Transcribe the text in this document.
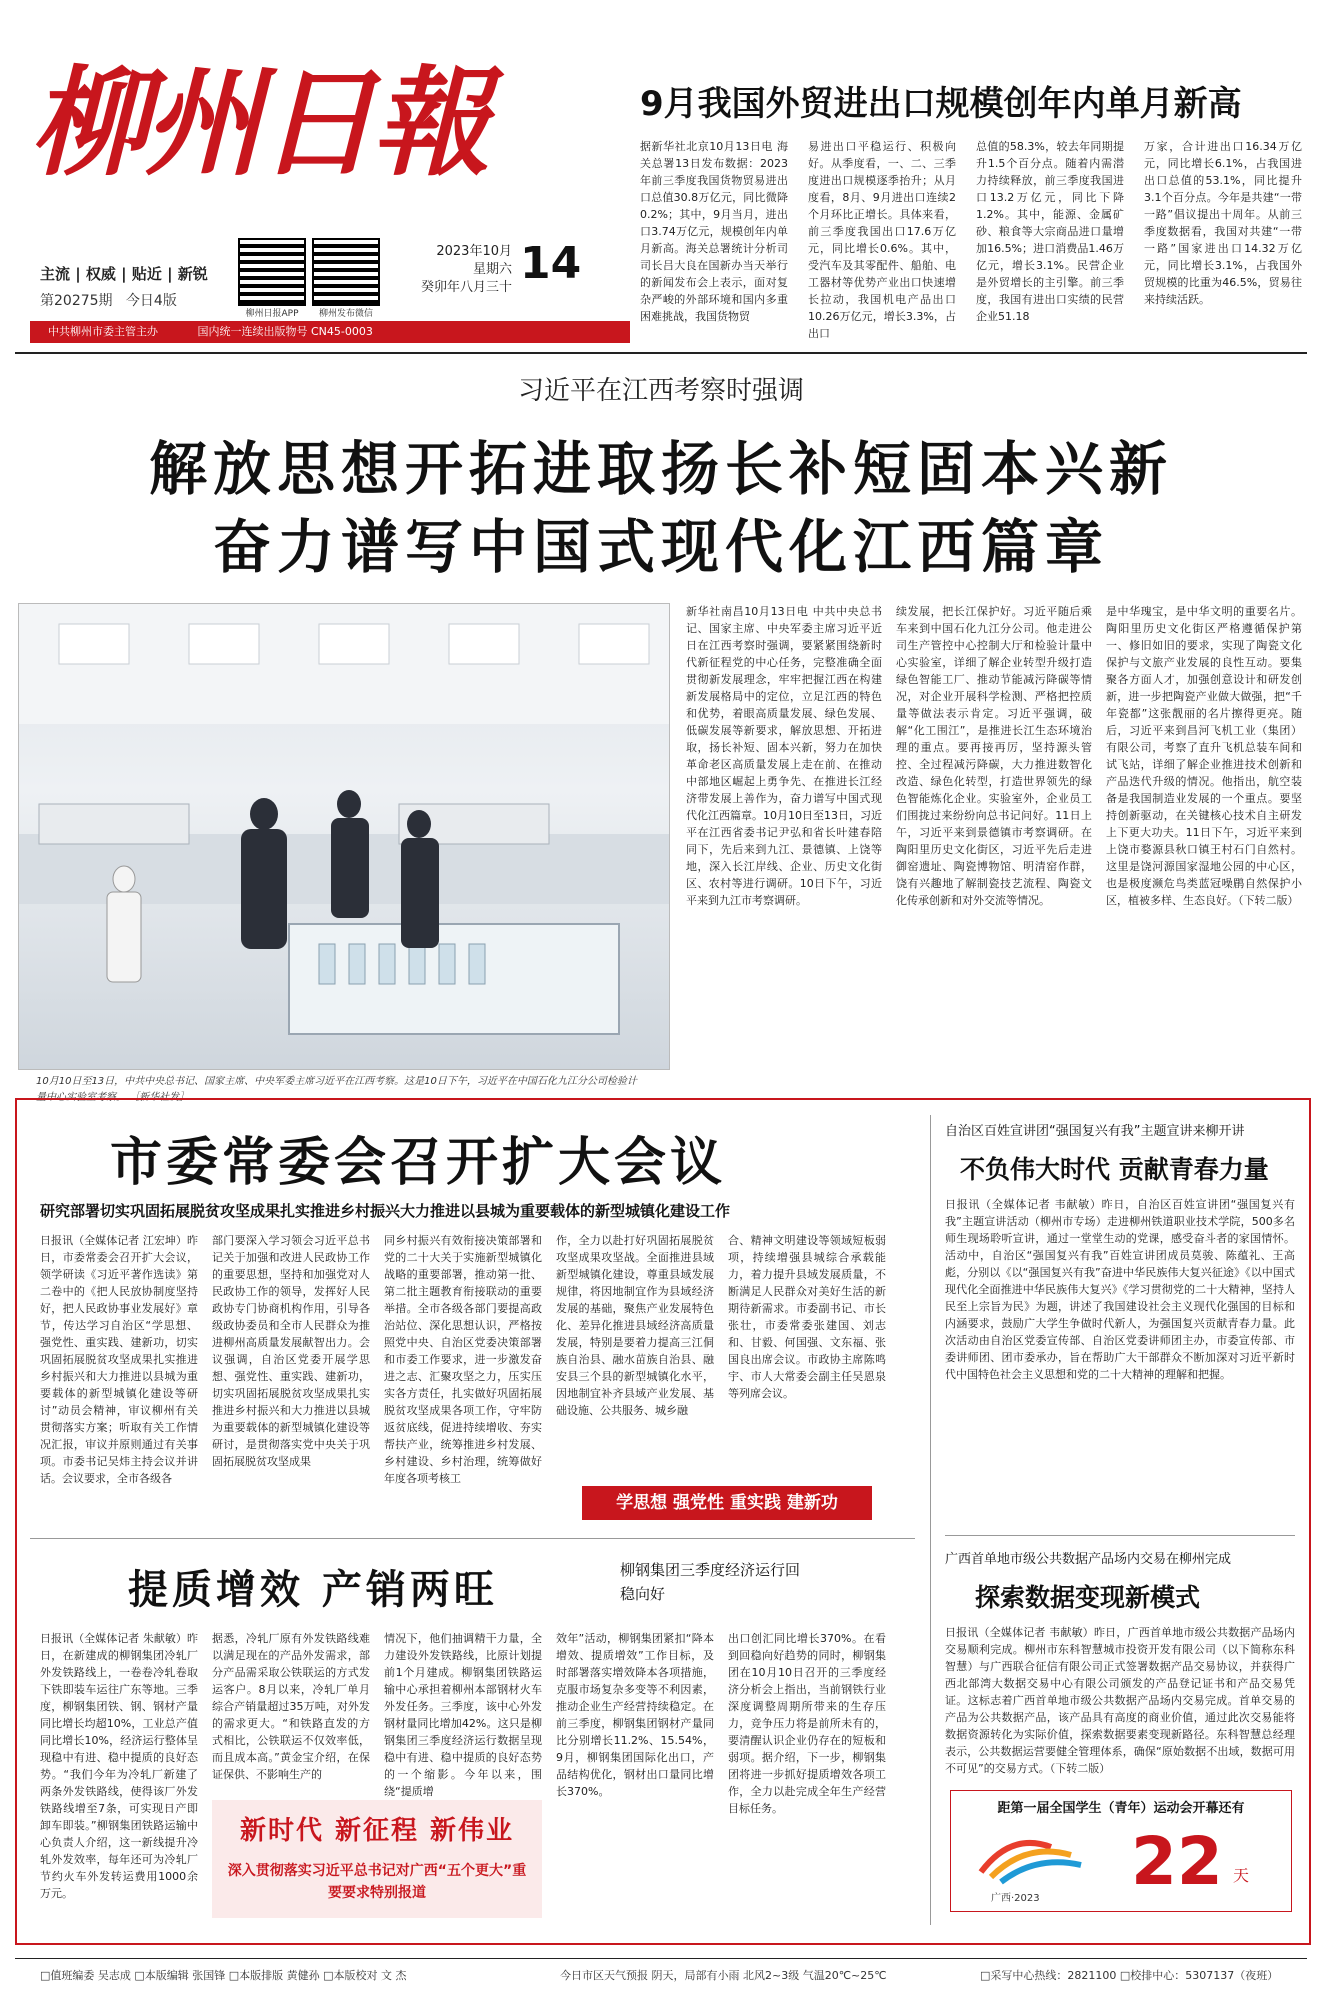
柳州日報
主流 | 权威 | 贴近 | 新锐
第20275期 今日4版
柳州日报APP	柳州发布微信
2023年10月
星期六
癸卯年八月三十 14
中共柳州市委主管主办	国内统一连续出版物号 CN45-0003
9月我国外贸进出口规模创年内单月新高
据新华社北京10月13日电 海关总署13日发布数据：2023年前三季度我国货物贸易进出口总值30.8万亿元，同比微降0.2%；其中，9月当月，进出口3.74万亿元，规模创年内单月新高。海关总署统计分析司司长吕大良在国新办当天举行的新闻发布会上表示，面对复杂严峻的外部环境和国内多重困难挑战，我国货物贸
易进出口平稳运行、积极向好。从季度看，一、二、三季度进出口规模逐季抬升；从月度看，8月、9月进出口连续2个月环比正增长。具体来看，前三季度我国出口17.6万亿元，同比增长0.6%。其中，受汽车及其零配件、船舶、电工器材等优势产业出口快速增长拉动，我国机电产品出口10.26万亿元，增长3.3%，占出口
总值的58.3%，较去年同期提升1.5个百分点。随着内需潜力持续释放，前三季度我国进口13.2万亿元，同比下降1.2%。其中，能源、金属矿砂、粮食等大宗商品进口量增加16.5%；进口消费品1.46万亿元，增长3.1%。民营企业是外贸增长的主引擎。前三季度，我国有进出口实绩的民营企业51.18
万家，合计进出口16.34万亿元，同比增长6.1%，占我国进出口总值的53.1%，同比提升3.1个百分点。今年是共建“一带一路”倡议提出十周年。从前三季度数据看，我国对共建“一带一路”国家进出口14.32万亿元，同比增长3.1%，占我国外贸规模的比重为46.5%，贸易往来持续活跃。
习近平在江西考察时强调
解放思想开拓进取扬长补短固本兴新
奋力谱写中国式现代化江西篇章
10月10日至13日，中共中央总书记、国家主席、中央军委主席习近平在江西考察。这是10日下午，习近平在中国石化九江分公司检验计量中心实验室考察。 ［新华社发］
新华社南昌10月13日电 中共中央总书记、国家主席、中央军委主席习近平近日在江西考察时强调，要紧紧围绕新时代新征程党的中心任务，完整准确全面贯彻新发展理念，牢牢把握江西在构建新发展格局中的定位，立足江西的特色和优势，着眼高质量发展、绿色发展、低碳发展等新要求，解放思想、开拓进取，扬长补短、固本兴新，努力在加快革命老区高质量发展上走在前、在推动中部地区崛起上勇争先、在推进长江经济带发展上善作为，奋力谱写中国式现代化江西篇章。10月10日至13日，习近平在江西省委书记尹弘和省长叶建春陪同下，先后来到九江、景德镇、上饶等地，深入长江岸线、企业、历史文化街区、农村等进行调研。10日下午，习近平来到九江市考察调研。
续发展，把长江保护好。习近平随后乘车来到中国石化九江分公司。他走进公司生产管控中心控制大厅和检验计量中心实验室，详细了解企业转型升级打造绿色智能工厂、推动节能减污降碳等情况，对企业开展科学检测、严格把控质量等做法表示肯定。习近平强调，破解“化工围江”，是推进长江生态环境治理的重点。要再接再厉，坚持源头管控、全过程减污降碳，大力推进数智化改造、绿色化转型，打造世界领先的绿色智能炼化企业。实验室外，企业员工们围拢过来纷纷向总书记问好。11日上午，习近平来到景德镇市考察调研。在陶阳里历史文化街区，习近平先后走进御窑遗址、陶瓷博物馆、明清窑作群，饶有兴趣地了解制瓷技艺流程、陶瓷文化传承创新和对外交流等情况。
是中华瑰宝，是中华文明的重要名片。陶阳里历史文化街区严格遵循保护第一、修旧如旧的要求，实现了陶瓷文化保护与文旅产业发展的良性互动。要集聚各方面人才，加强创意设计和研发创新，进一步把陶瓷产业做大做强，把“千年瓷都”这张靓丽的名片擦得更亮。随后，习近平来到昌河飞机工业（集团）有限公司，考察了直升飞机总装车间和试飞站，详细了解企业推进技术创新和产品迭代升级的情况。他指出，航空装备是我国制造业发展的一个重点。要坚持创新驱动，在关键核心技术自主研发上下更大功夫。11日下午，习近平来到上饶市婺源县秋口镇王村石门自然村。这里是饶河源国家湿地公园的中心区，也是极度濒危鸟类蓝冠噪鹛自然保护小区，植被多样、生态良好。（下转二版）
市委常委会召开扩大会议
研究部署切实巩固拓展脱贫攻坚成果扎实推进乡村振兴大力推进以县城为重要载体的新型城镇化建设工作
日报讯（全媒体记者 江宏坤）昨日，市委常委会召开扩大会议，领学研读《习近平著作选读》第二卷中的《把人民放协制度坚持好，把人民政协事业发展好》章节，传达学习自治区“学思想、强党性、重实践、建新功，切实巩固拓展脱贫攻坚成果扎实推进乡村振兴和大力推进以县城为重要载体的新型城镇化建设等研讨”动员会精神，审议柳州有关贯彻落实方案；听取有关工作情况汇报，审议并原则通过有关事项。市委书记吴炜主持会议并讲话。会议要求，全市各级各
部门要深入学习领会习近平总书记关于加强和改进人民政协工作的重要思想，坚持和加强党对人民政协工作的领导，发挥好人民政协专门协商机构作用，引导各级政协委员和全市人民群众为推进柳州高质量发展献智出力。会议强调，自治区党委开展学思想、强党性、重实践、建新功，切实巩固拓展脱贫攻坚成果扎实推进乡村振兴和大力推进以县城为重要载体的新型城镇化建设等研讨，是贯彻落实党中央关于巩固拓展脱贫攻坚成果
同乡村振兴有效衔接决策部署和党的二十大关于实施新型城镇化战略的重要部署，推动第一批、第二批主题教育衔接联动的重要举措。全市各级各部门要提高政治站位、深化思想认识，严格按照党中央、自治区党委决策部署和市委工作要求，进一步激发奋进之志、汇聚攻坚之力，压实压实各方责任，扎实做好巩固拓展脱贫攻坚成果各项工作，守牢防返贫底线，促进持续增收、夯实帮扶产业，统筹推进乡村发展、乡村建设、乡村治理，统筹做好年度各项考核工
作，全力以赴打好巩固拓展脱贫攻坚成果攻坚战。全面推进县域新型城镇化建设，尊重县域发展规律，将因地制宜作为县域经济发展的基础，聚焦产业发展特色化、差异化推进县域经济高质量发展，特别是要着力提高三江侗族自治县、融水苗族自治县、融安县三个县的新型城镇化水平，因地制宜补齐县域产业发展、基础设施、公共服务、城乡融
合、精神文明建设等领域短板弱项，持续增强县城综合承载能力，着力提升县域发展质量，不断满足人民群众对美好生活的新期待新需求。市委副书记、市长张壮，市委常委张建国、刘志和、甘毅、何国强、文东福、张国良出席会议。市政协主席陈鸣宇、市人大常委会副主任吴恩泉等列席会议。
学思想 强党性 重实践 建新功
自治区百姓宣讲团“强国复兴有我”主题宣讲来柳开讲
不负伟大时代 贡献青春力量
日报讯（全媒体记者 韦献敏）昨日，自治区百姓宣讲团“强国复兴有我”主题宣讲活动（柳州市专场）走进柳州铁道职业技术学院，500多名师生现场聆听宣讲，通过一堂堂生动的党课，感受奋斗者的家国情怀。活动中，自治区“强国复兴有我”百姓宣讲团成员莫骏、陈蕴礼、王高彪，分别以《以“强国复兴有我”奋进中华民族伟大复兴征途》《以中国式现代化全面推进中华民族伟大复兴》《学习贯彻党的二十大精神，坚持人民至上宗旨为民》为题，讲述了我国建设社会主义现代化强国的目标和内涵要求，鼓励广大学生争做时代新人，为强国复兴贡献青春力量。此次活动由自治区党委宣传部、自治区党委讲师团主办，市委宣传部、市委讲师团、团市委承办，旨在帮助广大干部群众不断加深对习近平新时代中国特色社会主义思想和党的二十大精神的理解和把握。
广西首单地市级公共数据产品场内交易在柳州完成
探索数据变现新模式
日报讯（全媒体记者 韦献敏）昨日，广西首单地市级公共数据产品场内交易顺利完成。柳州市东科智慧城市投资开发有限公司（以下简称东科智慧）与广西联合征信有限公司正式签署数据产品交易协议，并获得广西北部湾大数据交易中心有限公司颁发的产品登记证书和产品交易凭证。这标志着广西首单地市级公共数据产品场内交易完成。首单交易的产品为公共数据产品，该产品具有高度的商业价值，通过此次交易能将数据资源转化为实际价值，探索数据要素变现新路径。东科智慧总经理表示，公共数据运营要健全管理体系，确保“原始数据不出域，数据可用不可见”的交易方式。（下转二版）
距第一届全国学生（青年）运动会开幕还有
广西·2023 22 天
提质增效 产销两旺	柳钢集团三季度经济运行回稳向好
日报讯（全媒体记者 朱献敏）昨日，在新建成的柳钢集团冷轧厂外发铁路线上，一卷卷冷轧卷取下铁即装车运往广东等地。三季度，柳钢集团铁、钢、钢材产量同比增长均超10%，工业总产值同比增长10%，经济运行整体呈现稳中有进、稳中提质的良好态势。“我们今年为冷轧厂新建了两条外发铁路线，使得该厂外发铁路线增至7条，可实现日产即卸车即装。”柳钢集团铁路运输中心负责人介绍，这一新线提升冷轧外发效率，每年还可为冷轧厂节约火车外发转运费用1000余万元。
据悉，冷轧厂原有外发铁路线难以满足现在的产品外发需求，部分产品需采取公铁联运的方式发运客户。8月以来，冷轧厂单月综合产销量超过35万吨，对外发的需求更大。“和铁路直发的方式相比，公铁联运不仅效率低，而且成本高。”黄金宝介绍，在保证保供、不影响生产的
情况下，他们抽调精干力量，全力建设外发铁路线，比原计划提前1个月建成。柳钢集团铁路运输中心承担着柳州本部钢材火车外发任务。三季度，该中心外发钢材量同比增加42%。这只是柳钢集团三季度经济运行数据呈现稳中有进、稳中提质的良好态势的一个缩影。今年以来，围绕“提质增
效年”活动，柳钢集团紧扣“降本增效、提质增效”工作目标，及时部署落实增效降本各项措施，克服市场复杂多变等不利因素，推动企业生产经营持续稳定。在前三季度，柳钢集团钢材产量同比分别增长11.2%、15.54%，9月，柳钢集团国际化出口，产品结构优化，钢材出口量同比增长370%。
出口创汇同比增长370%。在看到回稳向好趋势的同时，柳钢集团在10月10日召开的三季度经济分析会上指出，当前钢铁行业深度调整周期所带来的生存压力，竞争压力将是前所未有的，要清醒认识企业仍存在的短板和弱项。据介绍，下一步，柳钢集团将进一步抓好提质增效各项工作，全力以赴完成全年生产经营目标任务。
新时代 新征程 新伟业
深入贯彻落实习近平总书记对广西“五个更大”重要要求特别报道
□值班编委 吴志成 □本版编辑 张国锋 □本版排版 黄健孙 □本版校对 文 杰	今日市区天气预报 阴天，局部有小雨 北风2~3级 气温20℃~25℃	□采写中心热线：2821100 □校排中心：5307137（夜班）
